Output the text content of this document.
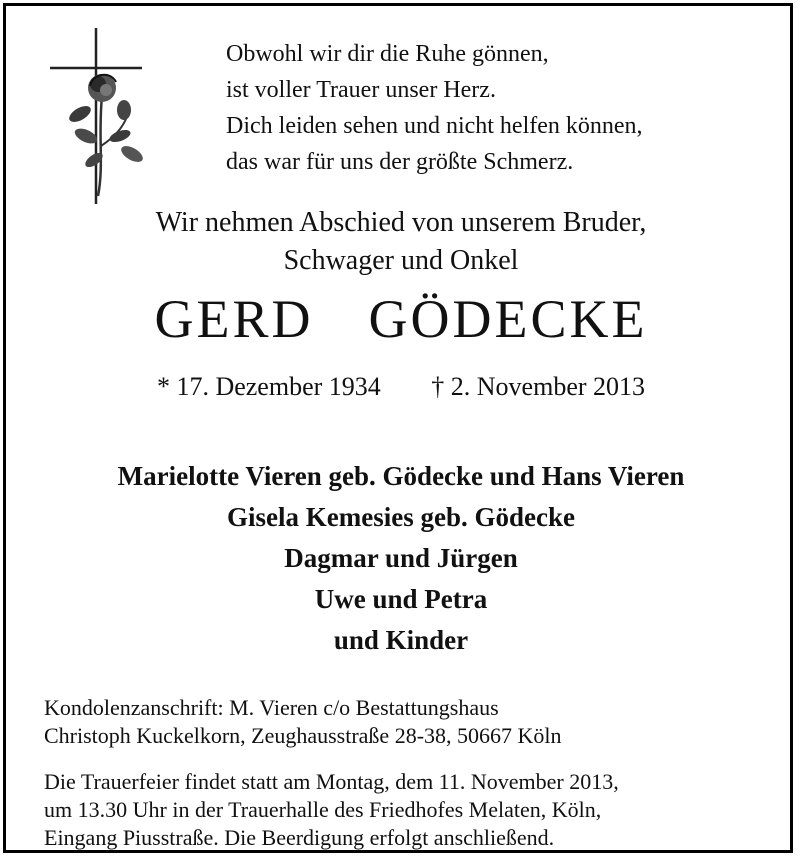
Obwohl wir dir die Ruhe gönnen,
ist voller Trauer unser Herz.
Dich leiden sehen und nicht helfen können,
das war für uns der größte Schmerz.
Wir nehmen Abschied von unserem Bruder,
Schwager und Onkel
GERD GÖDECKE
* 17. Dezember 1934 † 2. November 2013
Marielotte Vieren geb. Gödecke und Hans Vieren
Gisela Kemesies geb. Gödecke
Dagmar und Jürgen
Uwe und Petra
und Kinder
Kondolenzanschrift: M. Vieren c/o Bestattungshaus
Christoph Kuckelkorn, Zeughausstraße 28-38, 50667 Köln
Die Trauerfeier findet statt am Montag, dem 11. November 2013,
um 13.30 Uhr in der Trauerhalle des Friedhofes Melaten, Köln,
Eingang Piusstraße. Die Beerdigung erfolgt anschließend.
